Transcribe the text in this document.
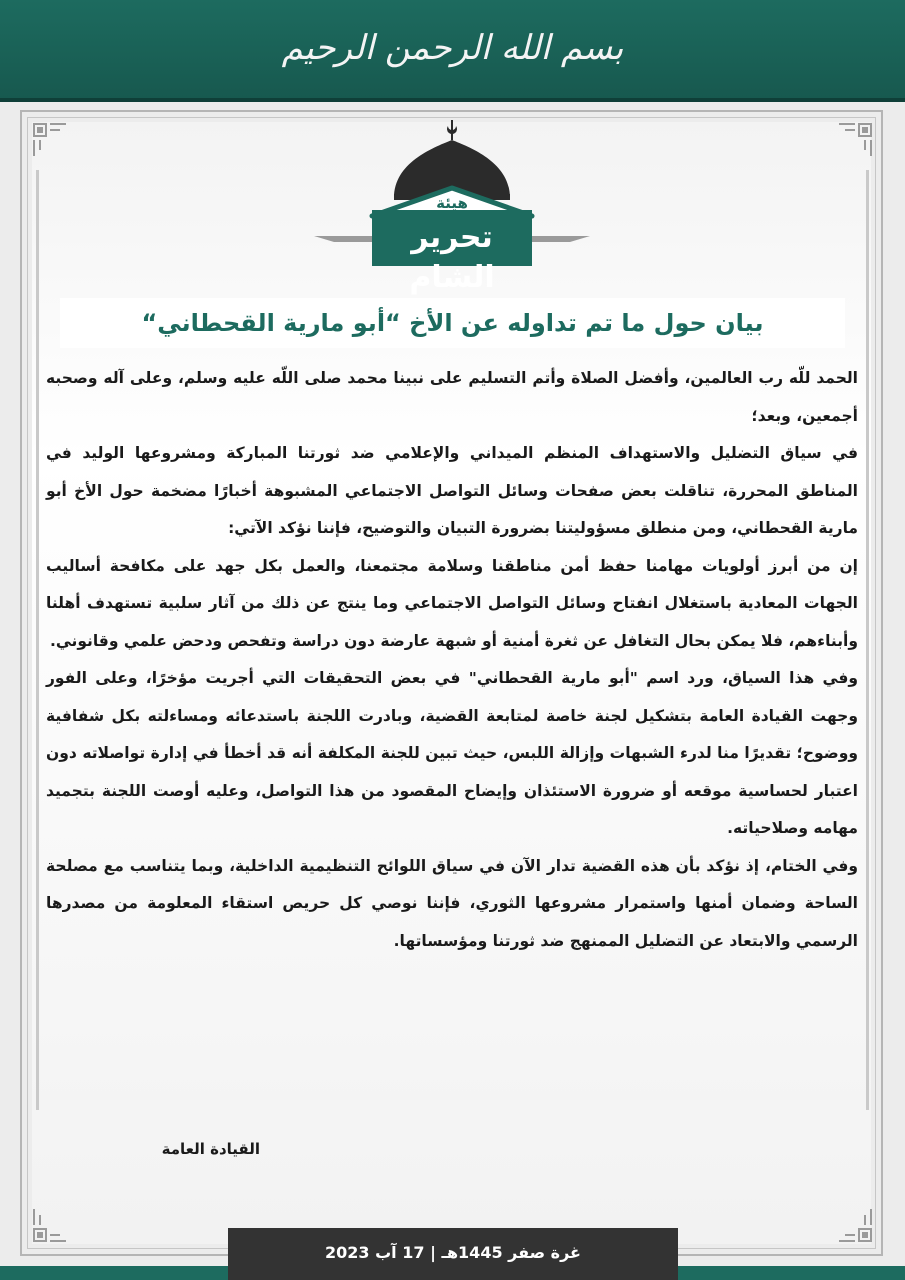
بسم الله الرحمن الرحيم
هيئة
تحرير الشام
بيان حول ما تم تداوله عن الأخ “أبو مارية القحطاني“

الحمد للّه رب العالمين، وأفضل الصلاة وأتم التسليم على نبينا محمد صلى اللّه عليه وسلم، وعلى آله وصحبه أجمعين، وبعد؛

في سياق التضليل والاستهداف المنظم الميداني والإعلامي ضد ثورتنا المباركة ومشروعها الوليد في المناطق المحررة، تناقلت بعض صفحات وسائل التواصل الاجتماعي المشبوهة أخبارًا مضخمة حول الأخ أبو مارية القحطاني، ومن منطلق مسؤوليتنا بضرورة التبيان والتوضيح، فإننا نؤكد الآتي:

إن من أبرز أولويات مهامنا حفظ أمن مناطقنا وسلامة مجتمعنا، والعمل بكل جهد على مكافحة أساليب الجهات المعادية باستغلال انفتاح وسائل التواصل الاجتماعي وما ينتج عن ذلك من آثار سلبية تستهدف أهلنا وأبناءهم، فلا يمكن بحال التغافل عن ثغرة أمنية أو شبهة عارضة دون دراسة وتفحص ودحض علمي وقانوني.

وفي هذا السياق، ورد اسم "أبو مارية القحطاني" في بعض التحقيقات التي أجريت مؤخرًا، وعلى الفور وجهت القيادة العامة بتشكيل لجنة خاصة لمتابعة القضية، وبادرت اللجنة باستدعائه ومساءلته بكل شفافية ووضوح؛ تقديرًا منا لدرء الشبهات وإزالة اللبس، حيث تبين للجنة المكلفة أنه قد أخطأ في إدارة تواصلاته دون اعتبار لحساسية موقعه أو ضرورة الاستئذان وإيضاح المقصود من هذا التواصل، وعليه أوصت اللجنة بتجميد مهامه وصلاحياته.

وفي الختام، إذ نؤكد بأن هذه القضية تدار الآن في سياق اللوائح التنظيمية الداخلية، وبما يتناسب مع مصلحة الساحة وضمان أمنها واستمرار مشروعها الثوري، فإننا نوصي كل حريص استقاء المعلومة من مصدرها الرسمي والابتعاد عن التضليل الممنهج ضد ثورتنا ومؤسساتها.

القيادة العامة
غرة صفر 1445هـ | 17 آب 2023
